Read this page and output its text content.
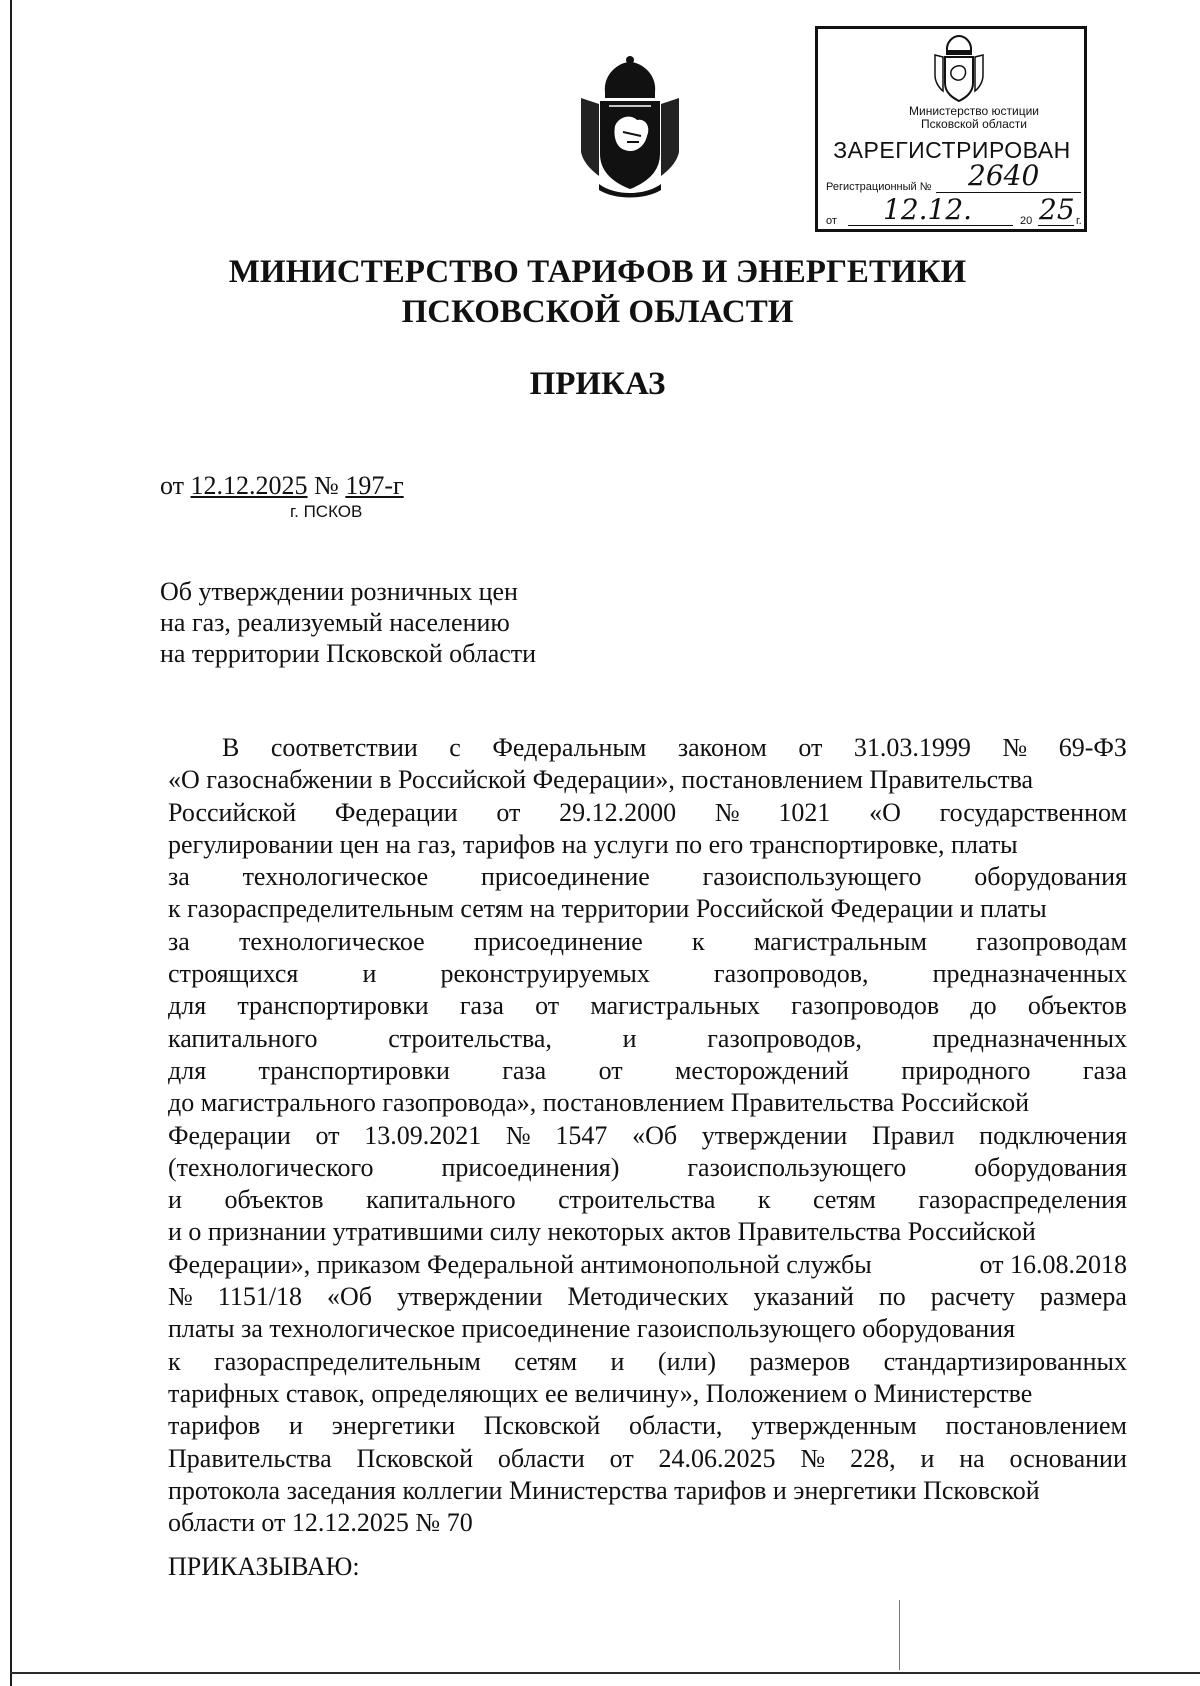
Министерство юстиции
Псковской области
ЗАРЕГИСТРИРОВАН
Регистрационный № 2640
от 12.12.	20 25 г.
МИНИСТЕРСТВО ТАРИФОВ И ЭНЕРГЕТИКИ
ПСКОВСКОЙ ОБЛАСТИ
ПРИКАЗ
от 12.12.2025 № 197-г
г. ПСКОВ
Об утверждении розничных цен
на газ, реализуемый населению
на территории Псковской области
В соответствии с Федеральным законом от 31.03.1999 № 69-ФЗ
«О газоснабжении в Российской Федерации», постановлением Правительства
Российской Федерации от 29.12.2000 № 1021 «О государственном
регулировании цен на газ, тарифов на услуги по его транспортировке, платы
за технологическое присоединение газоиспользующего оборудования
к газораспределительным сетям на территории Российской Федерации и платы
за технологическое присоединение к магистральным газопроводам
строящихся и реконструируемых газопроводов, предназначенных
для транспортировки газа от магистральных газопроводов до объектов
капитального	строительства,	и	газопроводов,	предназначенных
для транспортировки газа от месторождений природного газа
до магистрального газопровода», постановлением Правительства Российской
Федерации от 13.09.2021 № 1547 «Об утверждении Правил подключения
(технологического	присоединения)	газоиспользующего	оборудования
и объектов капитального строительства к сетям газораспределения
и о признании утратившими силу некоторых актов Правительства Российской
Федерации», приказом Федеральной антимонопольной службы	от 16.08.2018
№ 1151/18 «Об утверждении Методических указаний по расчету размера
платы за технологическое присоединение газоиспользующего оборудования
к газораспределительным сетям и (или) размеров стандартизированных
тарифных ставок, определяющих ее величину», Положением о Министерстве
тарифов и энергетики Псковской области, утвержденным постановлением
Правительства Псковской области от 24.06.2025 № 228, и на основании
протокола заседания коллегии Министерства тарифов и энергетики Псковской
области от 12.12.2025 № 70
ПРИКАЗЫВАЮ:
